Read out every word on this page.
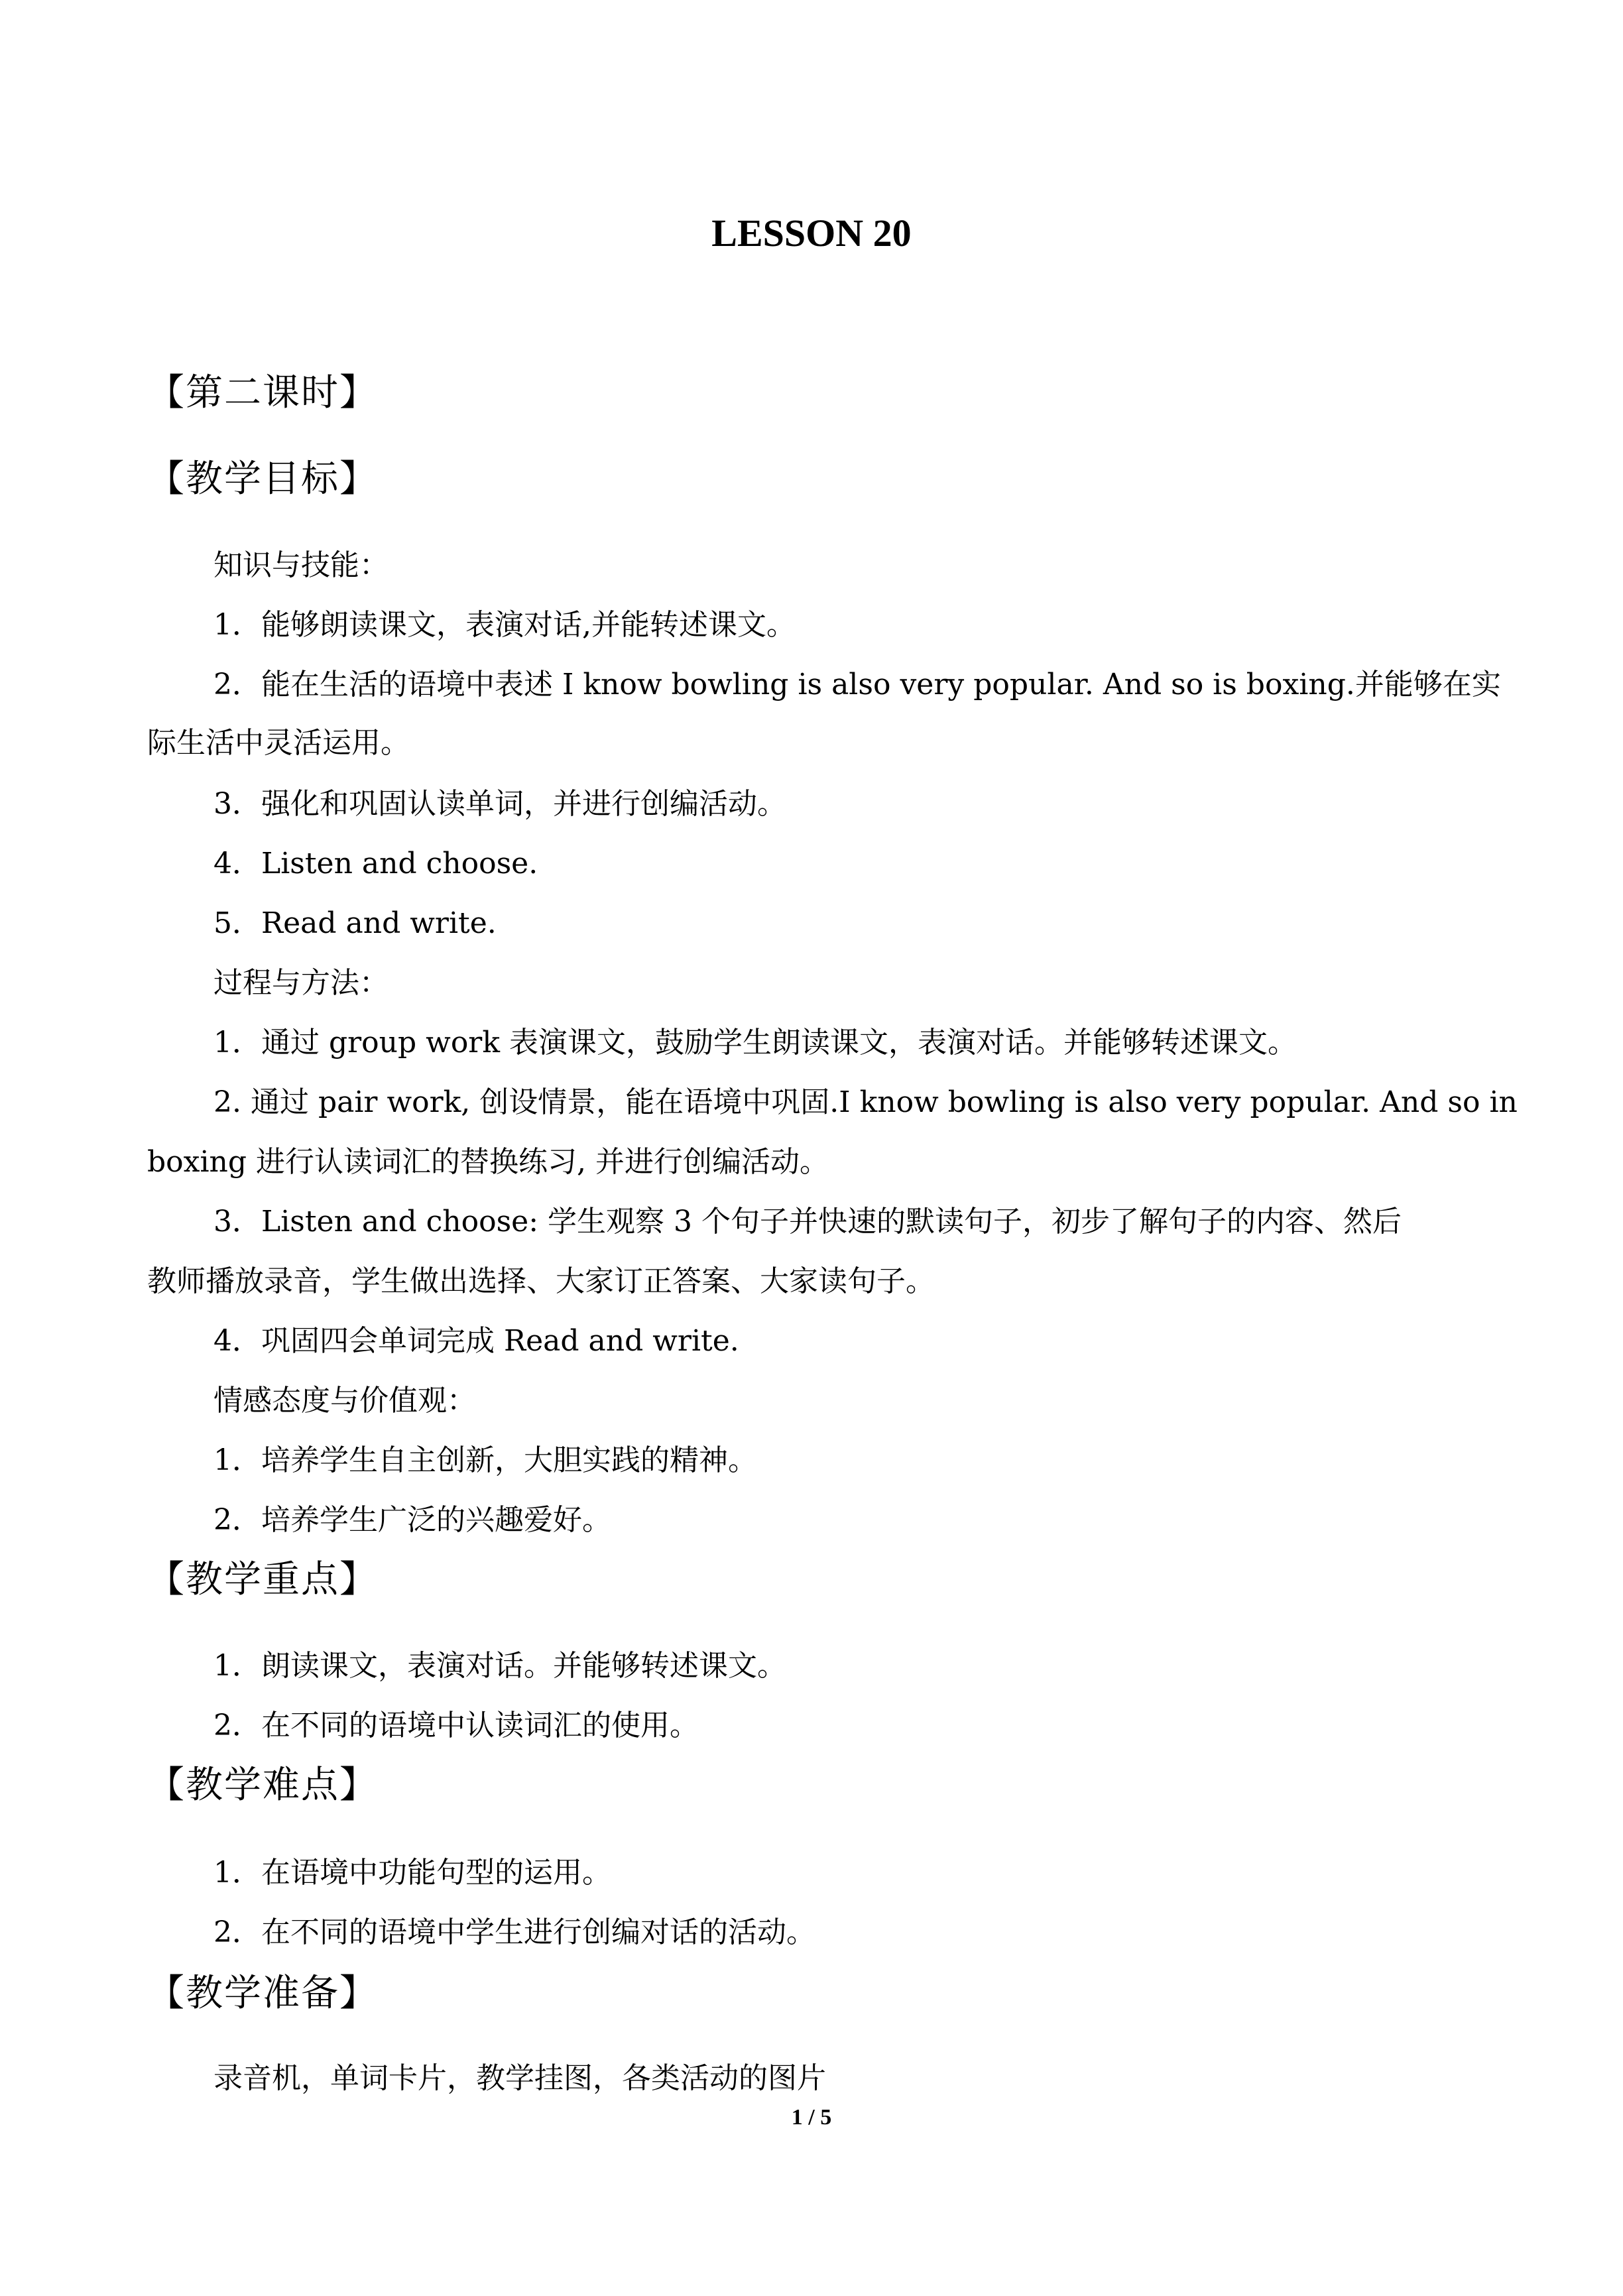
LESSON 20
【第二课时】
【教学目标】
知识与技能：
1．能够朗读课文，表演对话,并能转述课文。
2．能在生活的语境中表述 I know bowling is also very popular. And so is boxing.并能够在实
际生活中灵活运用。
3．强化和巩固认读单词，并进行创编活动。
4．Listen and choose.
5．Read and write.
过程与方法：
1．通过 group work 表演课文，鼓励学生朗读课文，表演对话。并能够转述课文。
2. 通过 pair work, 创设情景，能在语境中巩固.I know bowling is also very popular. And so in
boxing 进行认读词汇的替换练习, 并进行创编活动。
3．Listen and choose: 学生观察 3 个句子并快速的默读句子，初步了解句子的内容、然后
教师播放录音，学生做出选择、大家订正答案、大家读句子。
4．巩固四会单词完成 Read and write.
情感态度与价值观：
1．培养学生自主创新，大胆实践的精神。
2．培养学生广泛的兴趣爱好。
【教学重点】
1．朗读课文，表演对话。并能够转述课文。
2．在不同的语境中认读词汇的使用。
【教学难点】
1．在语境中功能句型的运用。
2．在不同的语境中学生进行创编对话的活动。
【教学准备】
录音机，单词卡片，教学挂图，各类活动的图片
1 / 5
